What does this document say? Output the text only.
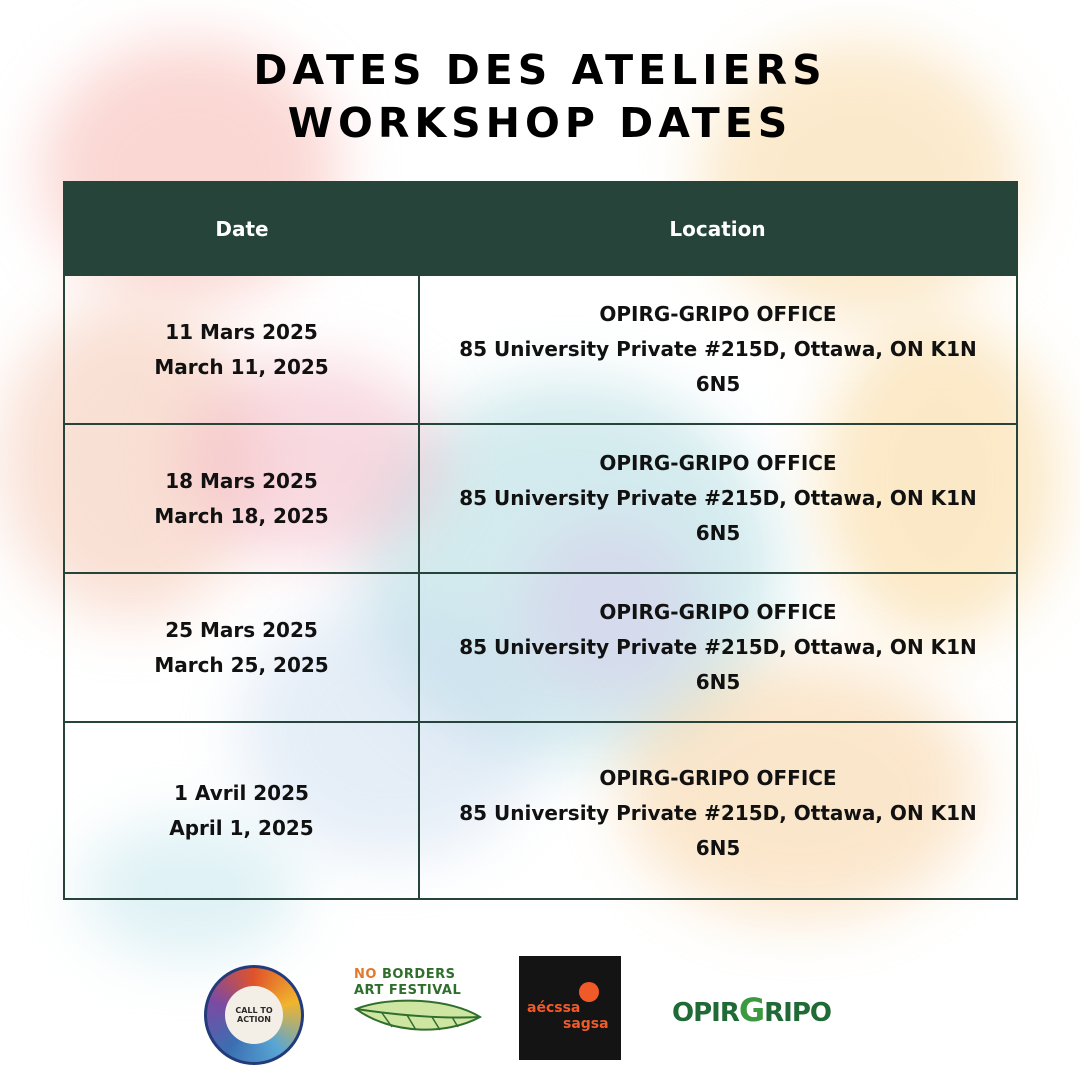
DATES DES ATELIERS
WORKSHOP DATES
Date	Location
11 Mars 2025
March 11, 2025
OPIRG-GRIPO OFFICE
85 University Private #215D, Ottawa, ON K1N
6N5
18 Mars 2025
March 18, 2025
OPIRG-GRIPO OFFICE
85 University Private #215D, Ottawa, ON K1N
6N5
25 Mars 2025
March 25, 2025
OPIRG-GRIPO OFFICE
85 University Private #215D, Ottawa, ON K1N
6N5
1 Avril 2025
April 1, 2025
OPIRG-GRIPO OFFICE
85 University Private #215D, Ottawa, ON K1N
6N5
CALL TO ACTION
NO BORDERS
ART FESTIVAL
aécssa
sagsa OPIRGRIPO
